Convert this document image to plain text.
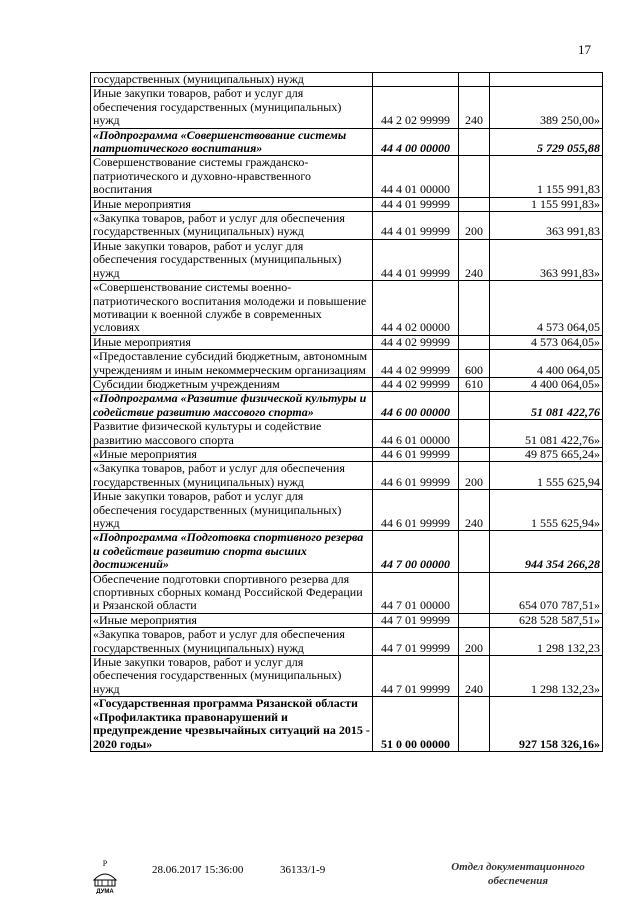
17
государственных (муниципальных) нужд			
Иные закупки товаров, работ и услуг для обеспечения государственных (муниципальных) нужд	44 2 02 99999	240	389 250,00»
«Подпрограмма «Совершенствование системы патриотического воспитания»	44 4 00 00000		5 729 055,88
Совершенствование системы гражданско-патриотического и духовно-нравственного воспитания	44 4 01 00000		1 155 991,83
Иные мероприятия	44 4 01 99999		1 155 991,83»
«Закупка товаров, работ и услуг для обеспечения государственных (муниципальных) нужд	44 4 01 99999	200	363 991,83
Иные закупки товаров, работ и услуг для обеспечения государственных (муниципальных) нужд	44 4 01 99999	240	363 991,83»
«Совершенствование системы военно-патриотического воспитания молодежи и повышение мотивации к военной службе в современных условиях	44 4 02 00000		4 573 064,05
Иные мероприятия	44 4 02 99999		4 573 064,05»
«Предоставление субсидий бюджетным, автономным учреждениям и иным некоммерческим организациям	44 4 02 99999	600	4 400 064,05
Субсидии бюджетным учреждениям	44 4 02 99999	610	4 400 064,05»
«Подпрограмма «Развитие физической культуры и содействие развитию массового спорта»	44 6 00 00000		51 081 422,76
Развитие физической культуры и содействие развитию массового спорта	44 6 01 00000		51 081 422,76»
«Иные мероприятия	44 6 01 99999		49 875 665,24»
«Закупка товаров, работ и услуг для обеспечения государственных (муниципальных) нужд	44 6 01 99999	200	1 555 625,94
Иные закупки товаров, работ и услуг для обеспечения государственных (муниципальных) нужд	44 6 01 99999	240	1 555 625,94»
«Подпрограмма «Подготовка спортивного резерва и содействие развитию спорта высших достижений»	44 7 00 00000		944 354 266,28
Обеспечение подготовки спортивного резерва для спортивных сборных команд Российской Федерации и Рязанской области	44 7 01 00000		654 070 787,51»
«Иные мероприятия	44 7 01 99999		628 528 587,51»
«Закупка товаров, работ и услуг для обеспечения государственных (муниципальных) нужд	44 7 01 99999	200	1 298 132,23
Иные закупки товаров, работ и услуг для обеспечения государственных (муниципальных) нужд	44 7 01 99999	240	1 298 132,23»
«Государственная программа Рязанской области «Профилактика правонарушений и предупреждение чрезвычайных ситуаций на 2015 - 2020 годы»	51 0 00 00000		927 158 326,16»
Р
ДУМА
28.06.2017 15:36:00	36133/1-9	Отдел документационного обеспечения
